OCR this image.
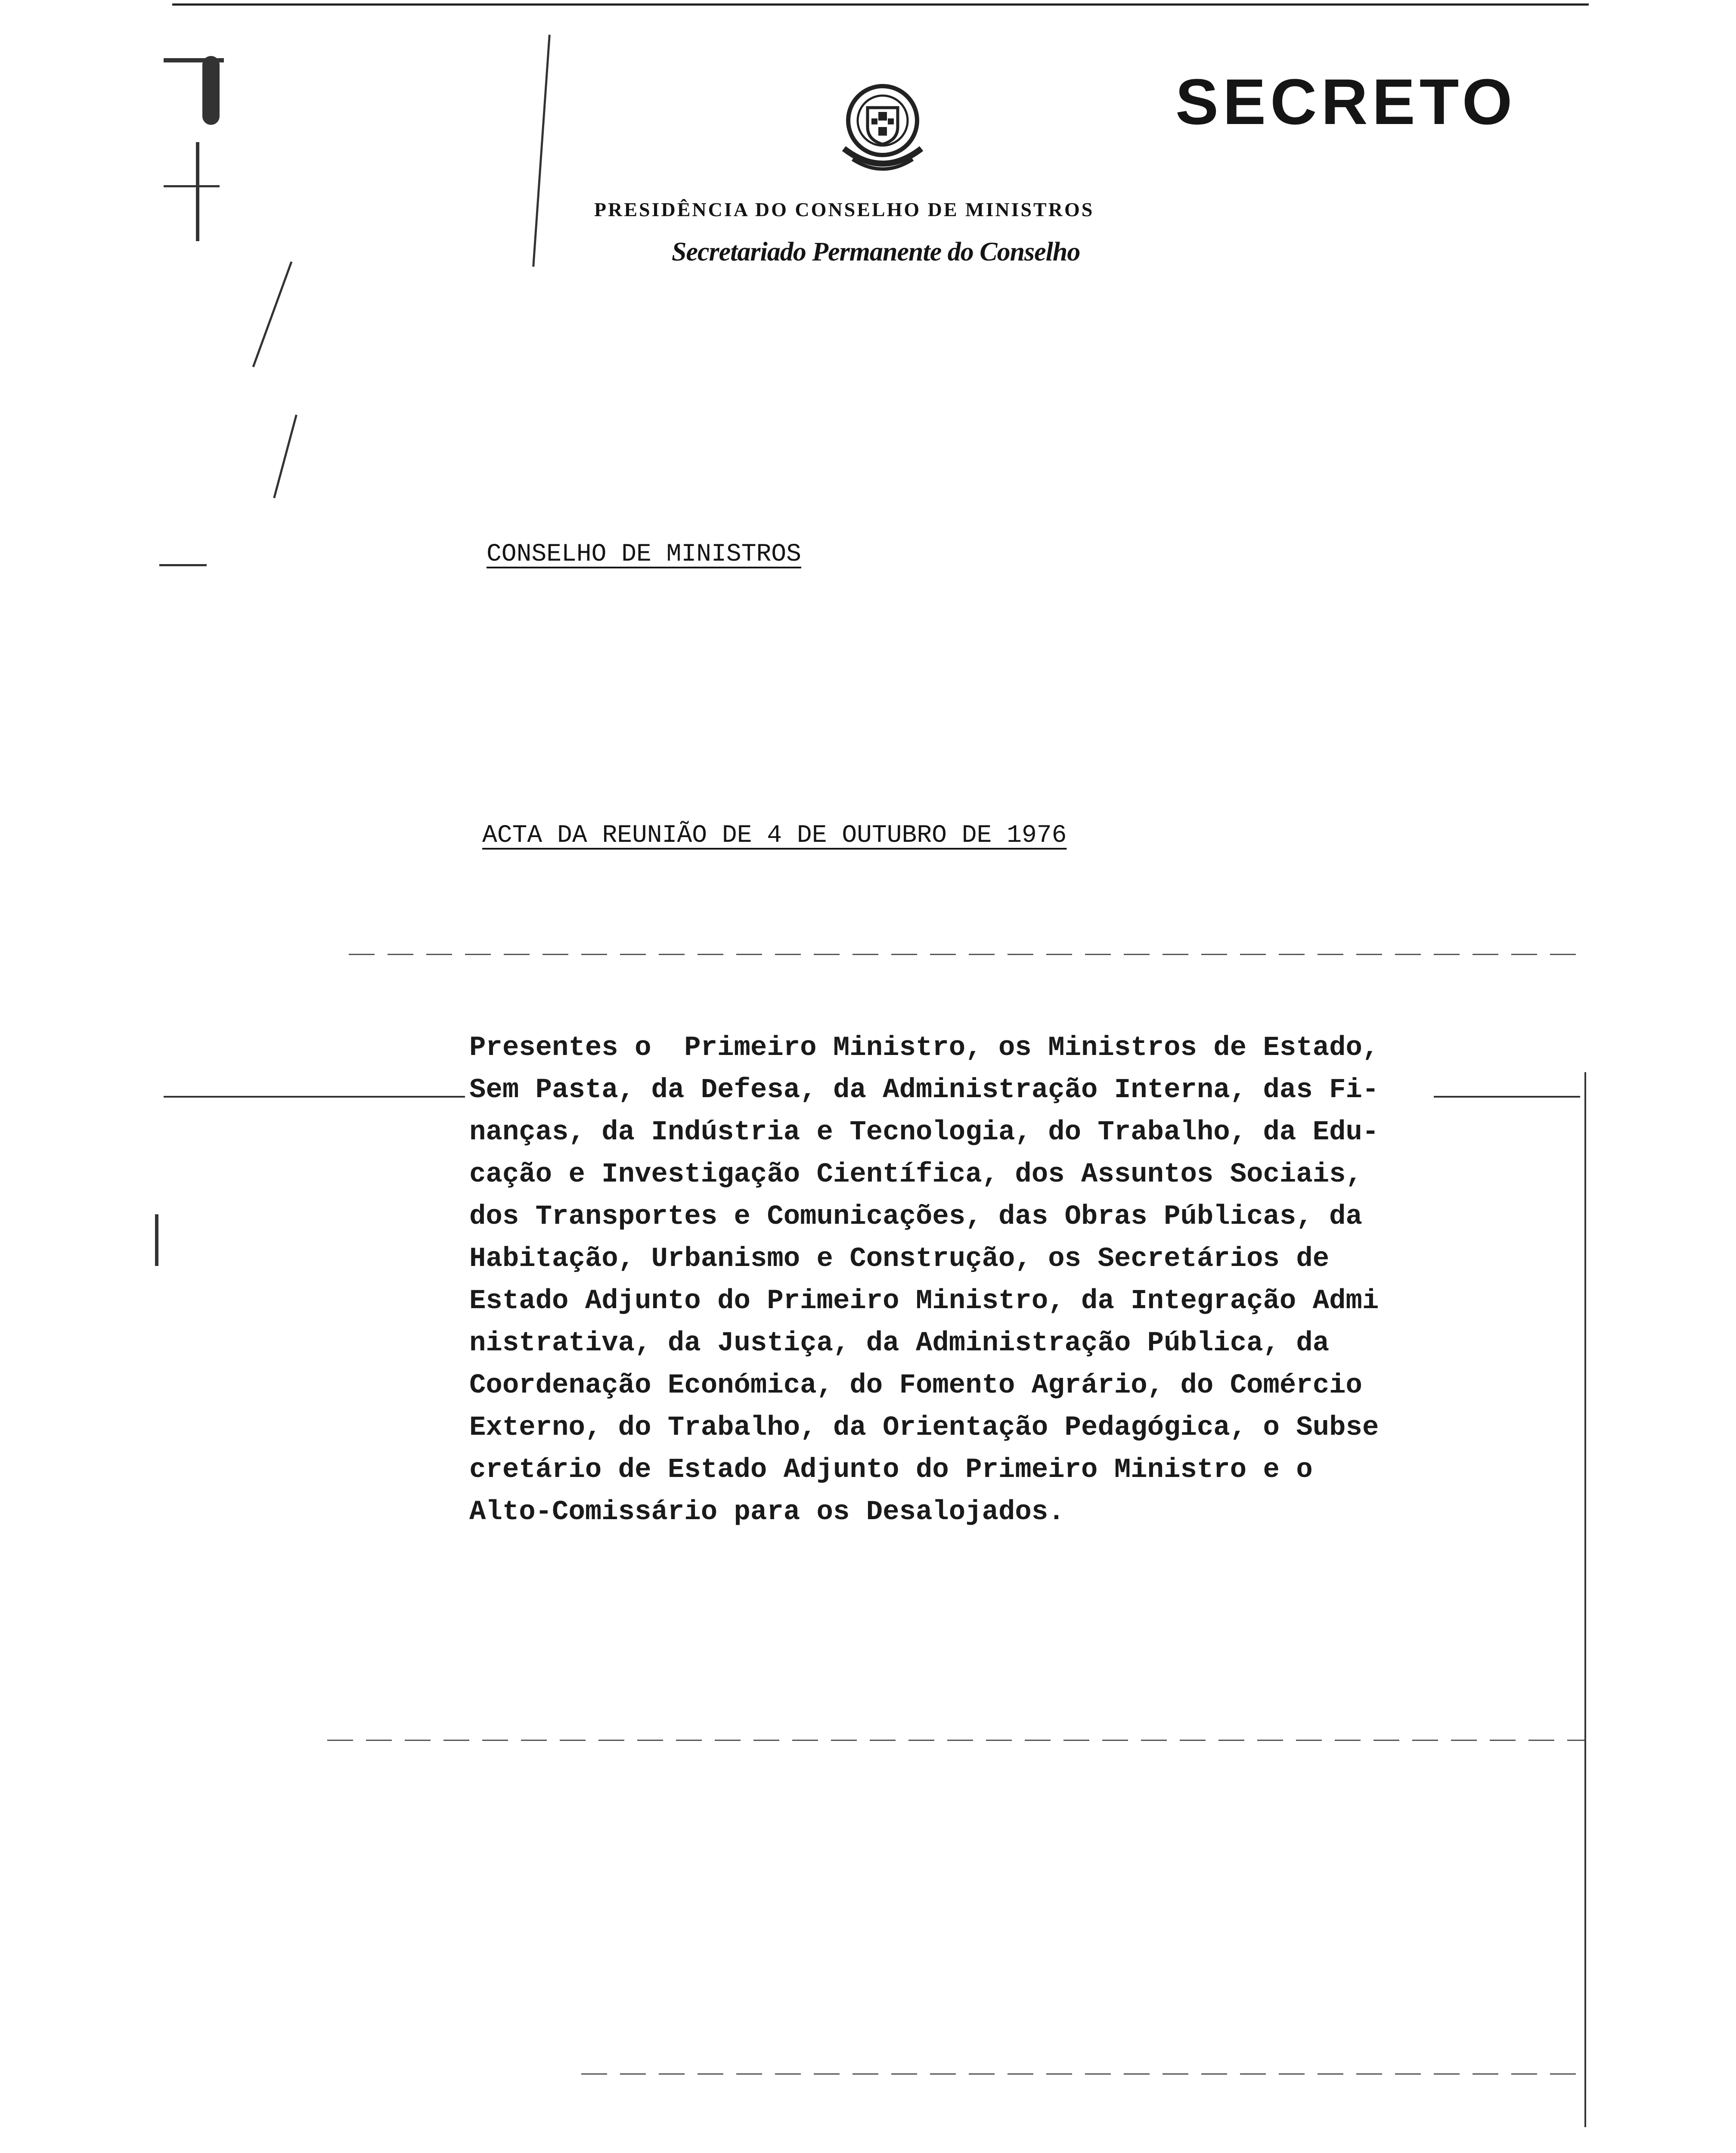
SECRETO
PRESIDÊNCIA DO CONSELHO DE MINISTROS
Secretariado Permanente do Conselho
CONSELHO DE MINISTROS
ACTA DA REUNIÃO DE 4 DE OUTUBRO DE 1976
Presentes o  Primeiro Ministro, os Ministros de Estado,
Sem Pasta, da Defesa, da Administração Interna, das Fi-
nanças, da Indústria e Tecnologia, do Trabalho, da Edu-
cação e Investigação Científica, dos Assuntos Sociais,
dos Transportes e Comunicações, das Obras Públicas, da
Habitação, Urbanismo e Construção, os Secretários de
Estado Adjunto do Primeiro Ministro, da Integração Admi
nistrativa, da Justiça, da Administração Pública, da
Coordenação Económica, do Fomento Agrário, do Comércio
Externo, do Trabalho, da Orientação Pedagógica, o Subse
cretário de Estado Adjunto do Primeiro Ministro e o
Alto-Comissário para os Desalojados.
